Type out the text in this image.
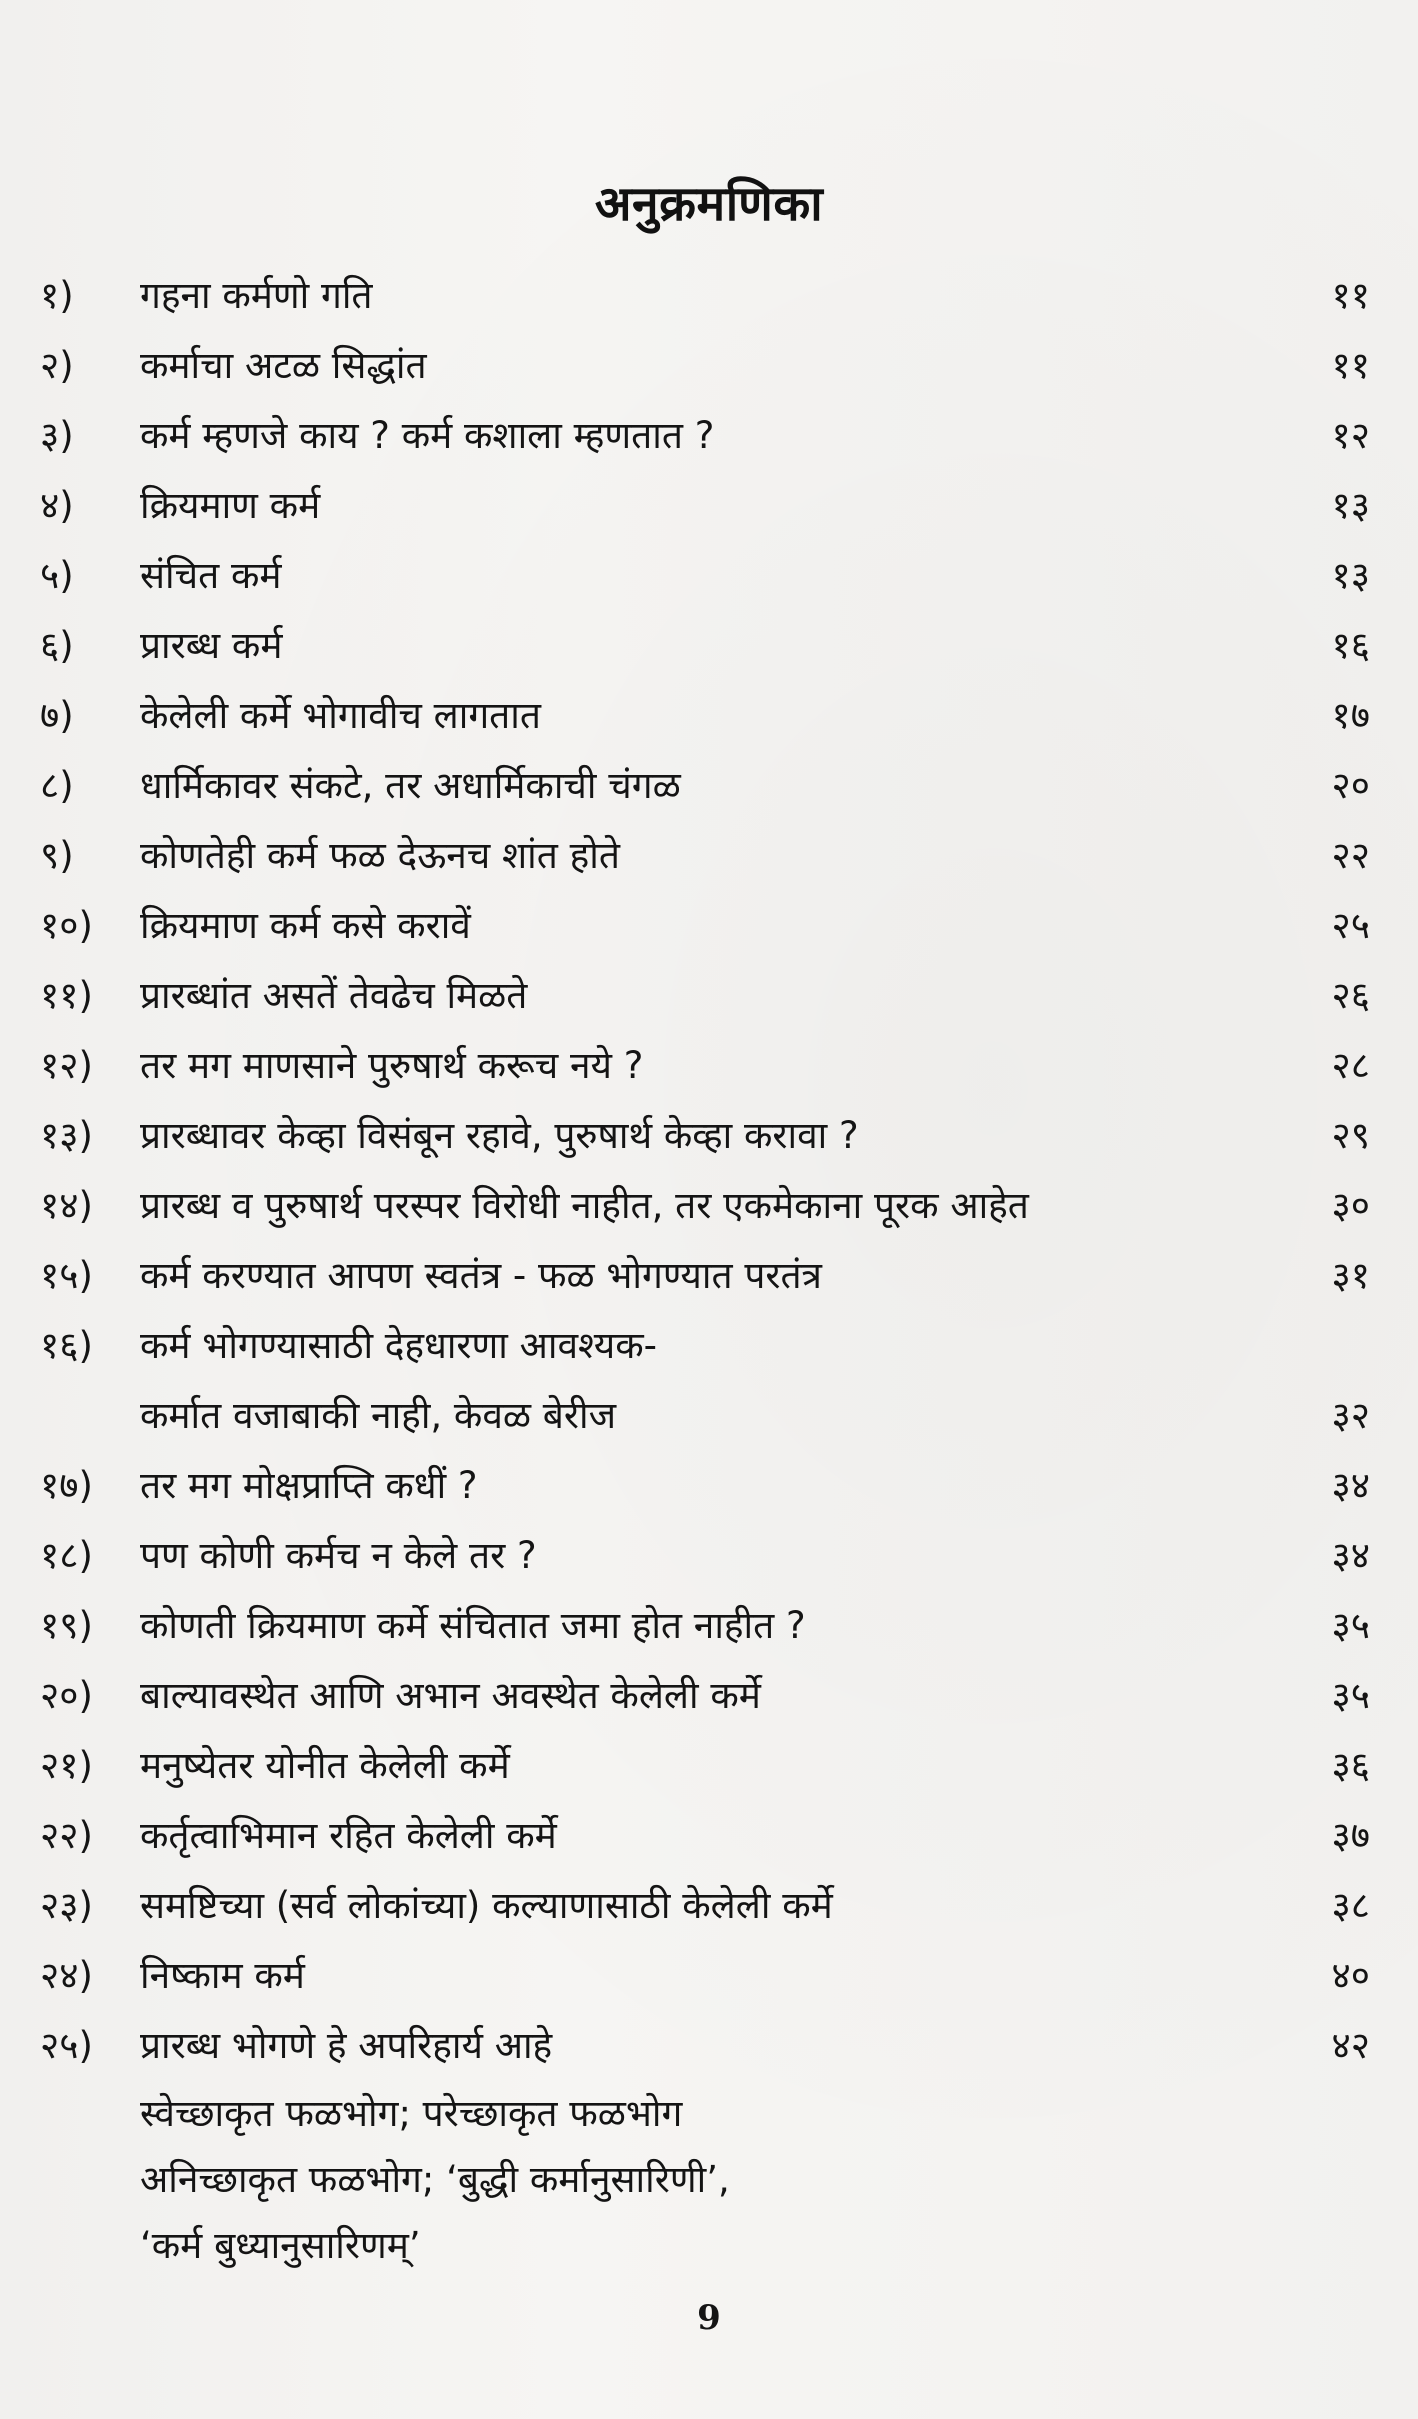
अनुक्रमणिका
१)	गहना कर्मणो गति	११
२)	कर्माचा अटळ सिद्धांत	११
३)	कर्म म्हणजे काय ? कर्म कशाला म्हणतात ?	१२
४)	क्रियमाण कर्म	१३
५)	संचित कर्म	१३
६)	प्रारब्ध कर्म	१६
७)	केलेली कर्मे भोगावीच लागतात	१७
८)	धार्मिकावर संकटे, तर अधार्मिकाची चंगळ	२०
९)	कोणतेही कर्म फळ देऊनच शांत होते	२२
१०)	क्रियमाण कर्म कसे करावें	२५
११)	प्रारब्धांत असतें तेवढेच मिळते	२६
१२)	तर मग माणसाने पुरुषार्थ करूच नये ?	२८
१३)	प्रारब्धावर केव्हा विसंबून रहावे, पुरुषार्थ केव्हा करावा ?	२९
१४)	प्रारब्ध व पुरुषार्थ परस्पर विरोधी नाहीत, तर एकमेकाना पूरक आहेत	३०
१५)	कर्म करण्यात आपण स्वतंत्र - फळ भोगण्यात परतंत्र	३१
१६)	कर्म भोगण्यासाठी देहधारणा आवश्यक-
कर्मात वजाबाकी नाही, केवळ बेरीज	३२
१७)	तर मग मोक्षप्राप्ति कधीं ?	३४
१८)	पण कोणी कर्मच न केले तर ?	३४
१९)	कोणती क्रियमाण कर्मे संचितात जमा होत नाहीत ?	३५
२०)	बाल्यावस्थेत आणि अभान अवस्थेत केलेली कर्मे	३५
२१)	मनुष्येतर योनीत केलेली कर्मे	३६
२२)	कर्तृत्वाभिमान रहित केलेली कर्मे	३७
२३)	समष्टिच्या (सर्व लोकांच्या) कल्याणासाठी केलेली कर्मे	३८
२४)	निष्काम कर्म	४०
२५)	प्रारब्ध भोगणे हे अपरिहार्य आहे	४२
स्वेच्छाकृत फळभोग; परेच्छाकृत फळभोग
अनिच्छाकृत फळभोग; ‘बुद्धी कर्मानुसारिणी’,
‘कर्म बुध्यानुसारिणम्’
9
